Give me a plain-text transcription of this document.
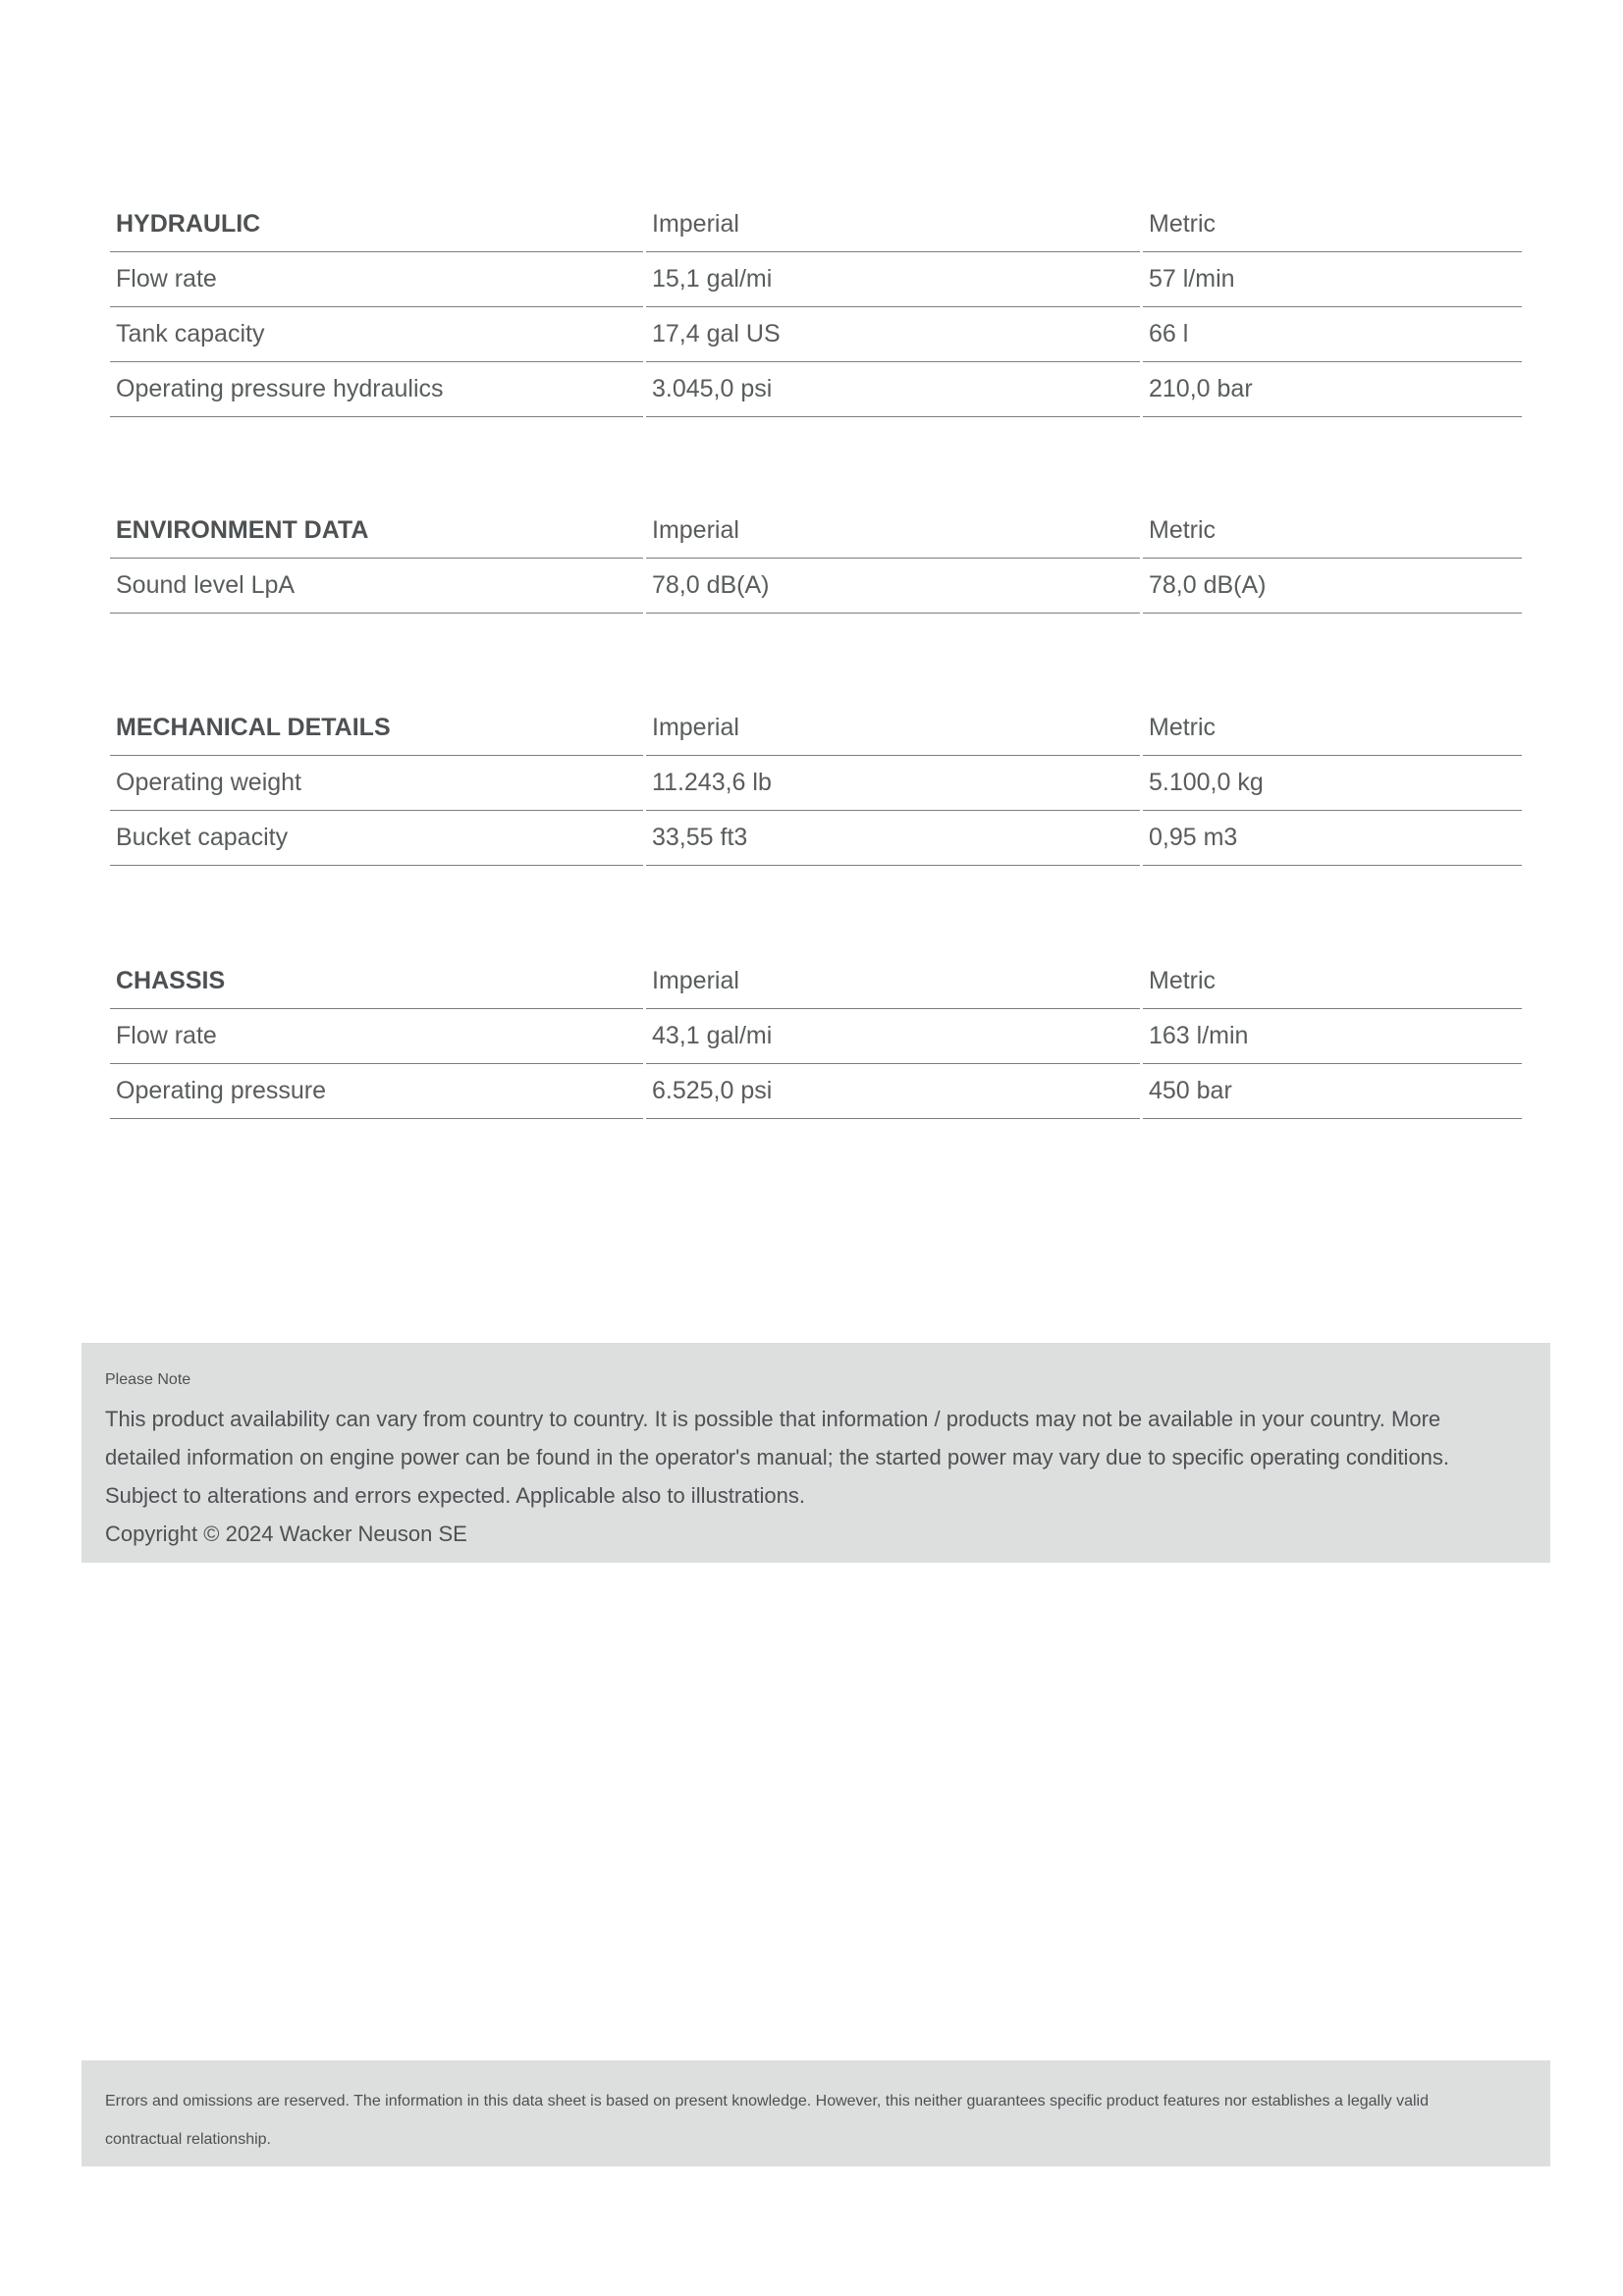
HYDRAULIC	Imperial	Metric
Flow rate	15,1 gal/mi	57 l/min
Tank capacity	17,4 gal US	66 l
Operating pressure hydraulics	3.045,0 psi	210,0 bar
ENVIRONMENT DATA	Imperial	Metric
Sound level LpA	78,0 dB(A)	78,0 dB(A)
MECHANICAL DETAILS	Imperial	Metric
Operating weight	11.243,6 lb	5.100,0 kg
Bucket capacity	33,55 ft3	0,95 m3
CHASSIS	Imperial	Metric
Flow rate	43,1 gal/mi	163 l/min
Operating pressure	6.525,0 psi	450 bar
Please Note
This product availability can vary from country to country. It is possible that information / products may not be available in your country. More
detailed information on engine power can be found in the operator's manual; the started power may vary due to specific operating conditions.
Subject to alterations and errors expected. Applicable also to illustrations.
Copyright © 2024 Wacker Neuson SE
Errors and omissions are reserved. The information in this data sheet is based on present knowledge. However, this neither guarantees specific product features nor establishes a legally valid
contractual relationship.
